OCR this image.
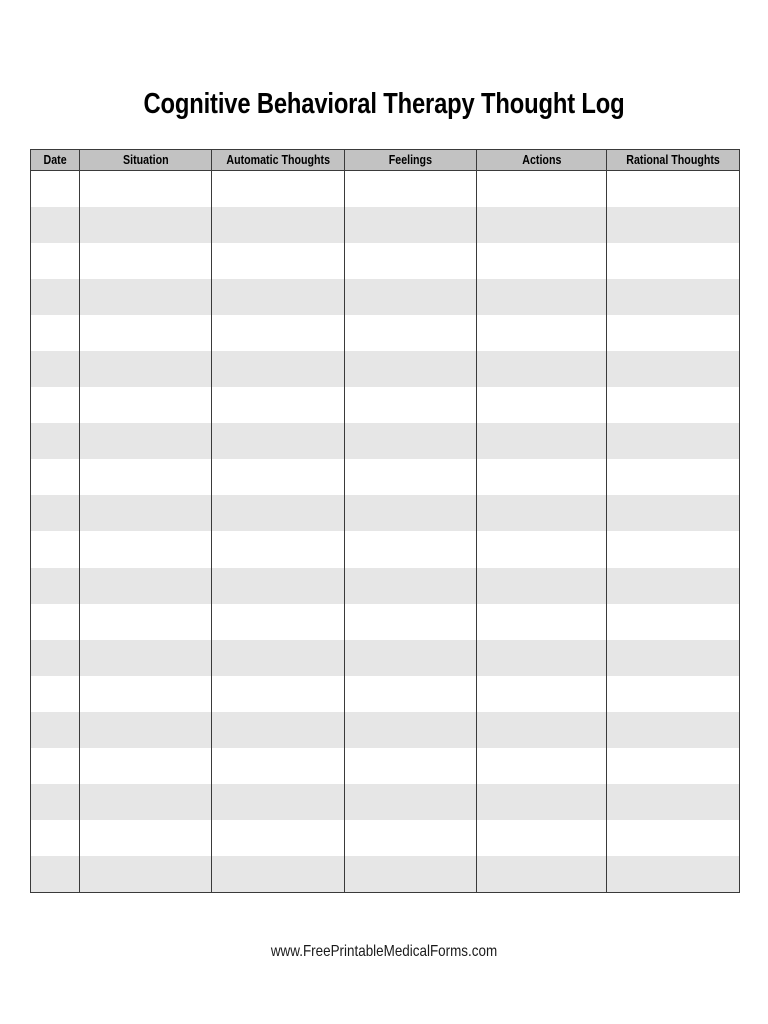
Cognitive Behavioral Therapy Thought Log
Date	Situation	Automatic Thoughts	Feelings	Actions	Rational Thoughts

www.FreePrintableMedicalForms.com
